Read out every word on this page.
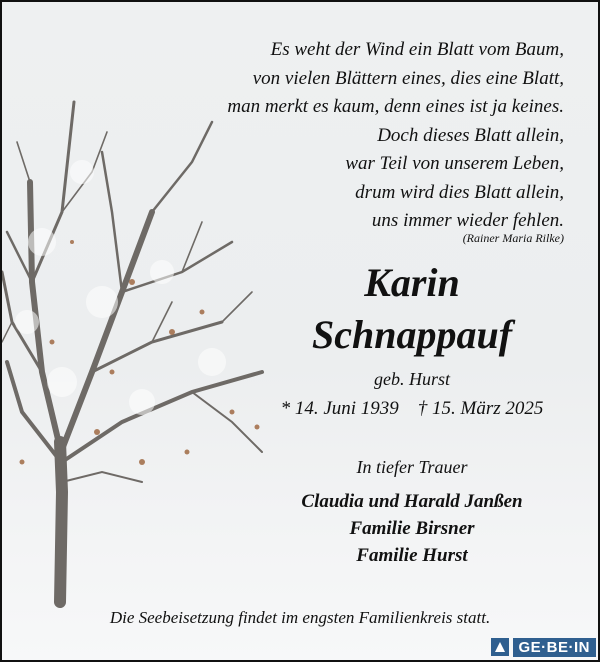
Es weht der Wind ein Blatt vom Baum,
von vielen Blättern eines, dies eine Blatt,
man merkt es kaum, denn eines ist ja keines.
Doch dieses Blatt allein,
war Teil von unserem Leben,
drum wird dies Blatt allein,
uns immer wieder fehlen.
(Rainer Maria Rilke)
Karin
Schnappauf
geb. Hurst
* 14. Juni 1939 † 15. März 2025
In tiefer Trauer
Claudia und Harald Janßen
Familie Birsner
Familie Hurst
Die Seebeisetzung findet im engsten Familienkreis statt.
GE·BE·IN
